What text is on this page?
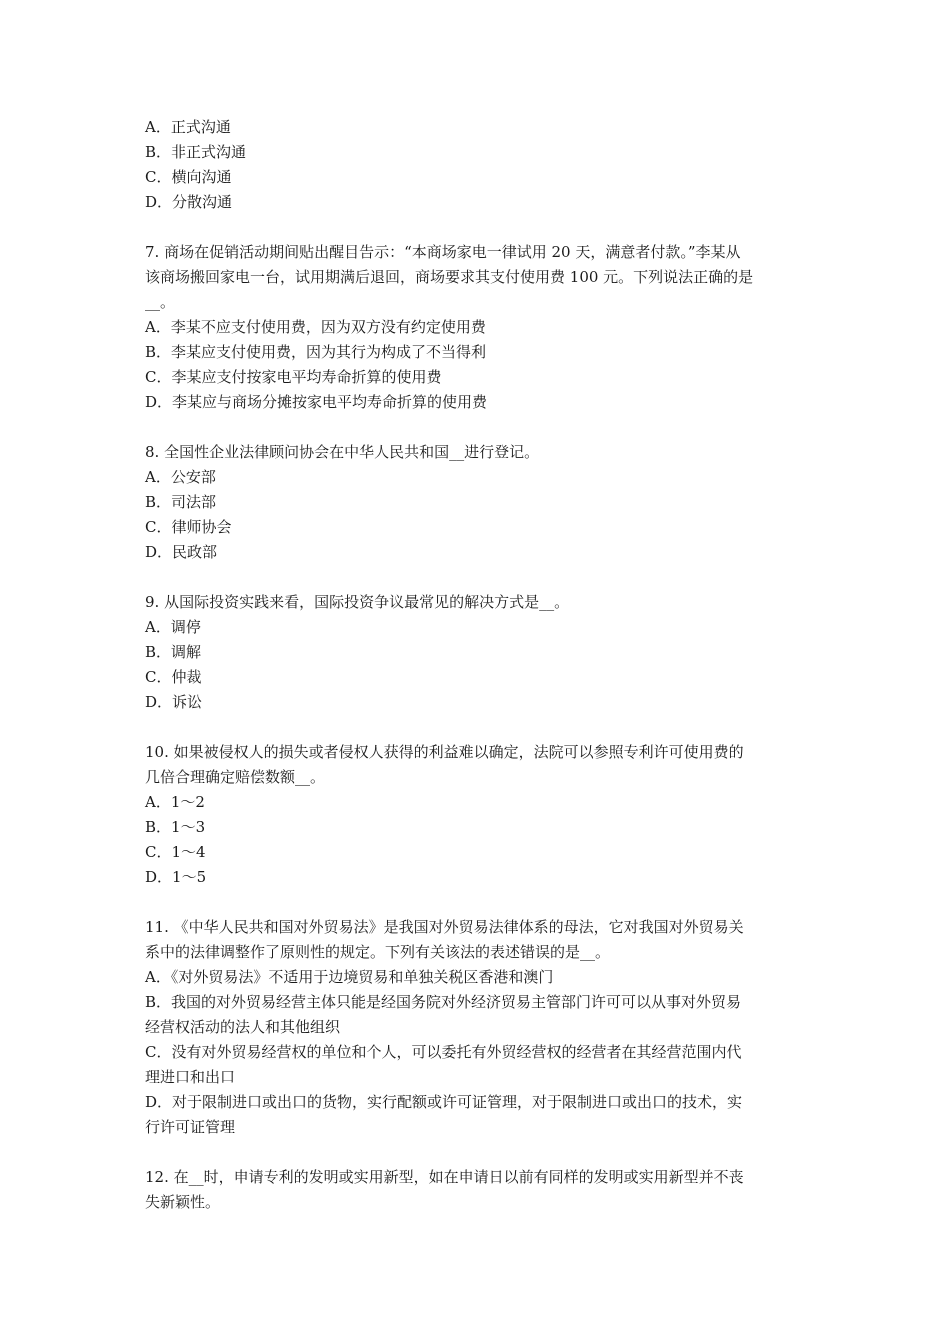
A．正式沟通

B．非正式沟通

C．横向沟通

D．分散沟通

7. 商场在促销活动期间贴出醒目告示：“本商场家电一律试用 20 天，满意者付款。”李某从

该商场搬回家电一台，试用期满后退回，商场要求其支付使用费 100 元。下列说法正确的是

__。

A．李某不应支付使用费，因为双方没有约定使用费

B．李某应支付使用费，因为其行为构成了不当得利

C．李某应支付按家电平均寿命折算的使用费

D．李某应与商场分摊按家电平均寿命折算的使用费

8. 全国性企业法律顾问协会在中华人民共和国__进行登记。

A．公安部

B．司法部

C．律师协会

D．民政部

9. 从国际投资实践来看，国际投资争议最常见的解决方式是__。

A．调停

B．调解

C．仲裁

D．诉讼

10. 如果被侵权人的损失或者侵权人获得的利益难以确定，法院可以参照专利许可使用费的

几倍合理确定赔偿数额__。

A．1～2

B．1～3

C．1～4

D．1～5

11. 《中华人民共和国对外贸易法》是我国对外贸易法律体系的母法，它对我国对外贸易关

系中的法律调整作了原则性的规定。下列有关该法的表述错误的是__。

A．《对外贸易法》不适用于边境贸易和单独关税区香港和澳门

B．我国的对外贸易经营主体只能是经国务院对外经济贸易主管部门许可可以从事对外贸易

经营权活动的法人和其他组织

C．没有对外贸易经营权的单位和个人，可以委托有外贸经营权的经营者在其经营范围内代

理进口和出口

D．对于限制进口或出口的货物，实行配额或许可证管理，对于限制进口或出口的技术，实

行许可证管理

12. 在__时，申请专利的发明或实用新型，如在申请日以前有同样的发明或实用新型并不丧

失新颖性。
